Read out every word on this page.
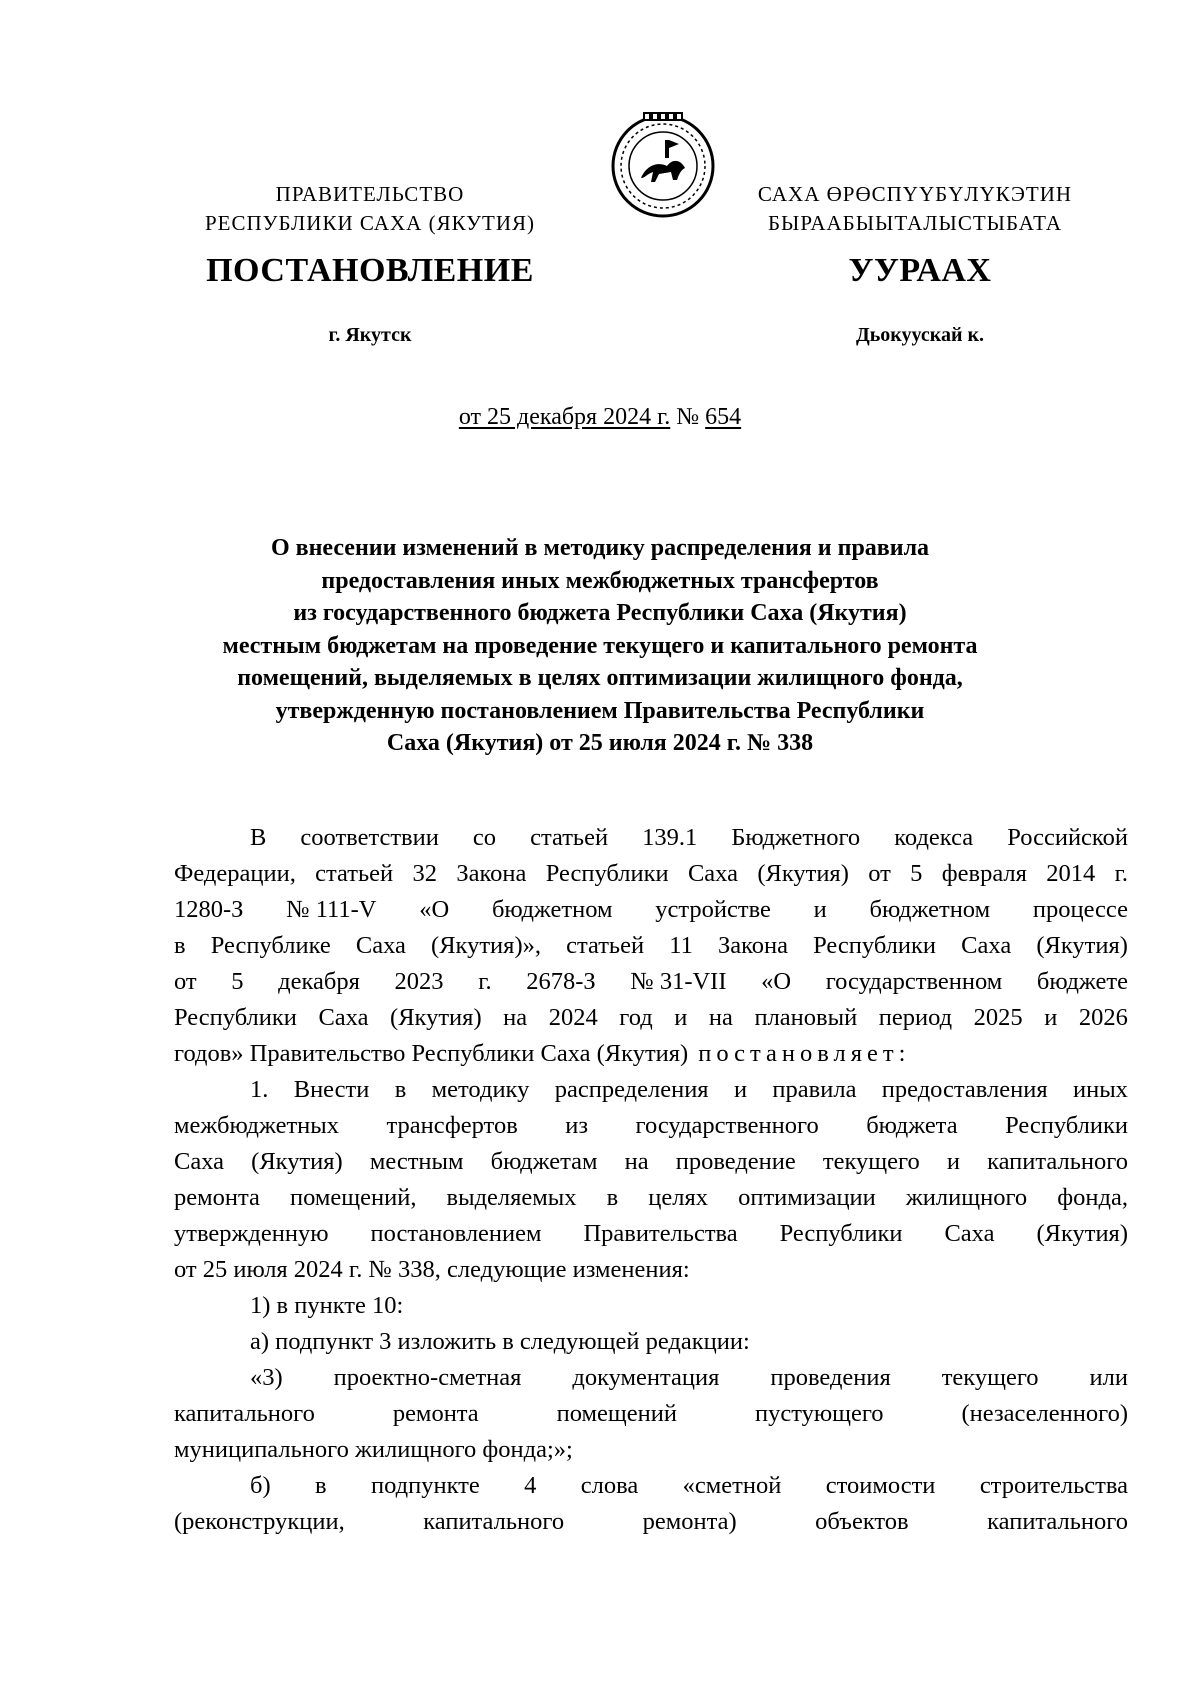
ПРАВИТЕЛЬСТВО
РЕСПУБЛИКИ САХА (ЯКУТИЯ)
САХА ӨРӨСПҮҮБҮЛҮКЭТИН
БЫРААБЫЫТАЛЫСТЫБАТА
ПОСТАНОВЛЕНИЕ	УУРААХ
г. Якутск	Дьокуускай к.
от 25 декабря 2024 г. № 654
О внесении изменений в методику распределения и правила
предоставления иных межбюджетных трансфертов
из государственного бюджета Республики Саха (Якутия)
местным бюджетам на проведение текущего и капитального ремонта
помещений, выделяемых в целях оптимизации жилищного фонда,
утвержденную постановлением Правительства Республики
Саха (Якутия) от 25 июля 2024 г. № 338
В соответствии со статьей 139.1 Бюджетного кодекса Российской
Федерации, статьей 32 Закона Республики Саха (Якутия) от 5 февраля 2014 г.
1280-З № 111-V «О бюджетном устройстве и бюджетном процессе
в Республике Саха (Якутия)», статьей 11 Закона Республики Саха (Якутия)
от 5 декабря 2023 г. 2678-З № 31-VII «О государственном бюджете
Республики Саха (Якутия) на 2024 год и на плановый период 2025 и 2026
годов» Правительство Республики Саха (Якутия) постановляет:
1. Внести в методику распределения и правила предоставления иных
межбюджетных трансфертов из государственного бюджета Республики
Саха (Якутия) местным бюджетам на проведение текущего и капитального
ремонта помещений, выделяемых в целях оптимизации жилищного фонда,
утвержденную постановлением Правительства Республики Саха (Якутия)
от 25 июля 2024 г. № 338, следующие изменения:
1) в пункте 10:
а) подпункт 3 изложить в следующей редакции:
«3) проектно-сметная документация проведения текущего или
капитального	ремонта	помещений	пустующего	(незаселенного)
муниципального жилищного фонда;»;
б) в подпункте 4 слова «сметной стоимости строительства
(реконструкции,	капитального	ремонта)	объектов	капитального
